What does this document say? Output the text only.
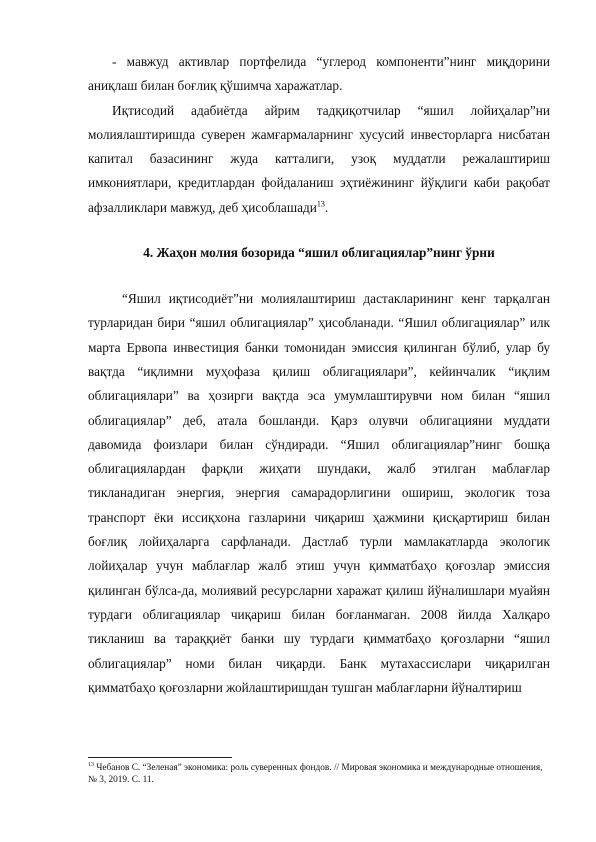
- мавжуд активлар портфелида “углерод компоненти”нинг миқдорини аниқлаш билан боғлиқ қўшимча харажатлар.

Иқтисодий адабиётда айрим тадқиқотчилар “яшил лойиҳалар”ни молиялаштиришда суверен жамғармаларнинг хусусий инвесторларга нисбатан капитал базасининг жуда катталиги, узоқ муддатли режалаштириш имкониятлари, кредитлардан фойдаланиш эҳтиёжининг йўқлиги каби рақобат афзалликлари мавжуд, деб ҳисоблашади$^{13}$.

4. Жаҳон молия бозорида “яшил облигациялар”нинг ўрни

“Яшил иқтисодиёт”ни молиялаштириш дастакларининг кенг тарқалган турларидан бири “яшил облигациялар” ҳисобланади. “Яшил облигациялар” илк марта Ервопа инвестиция банки томонидан эмиссия қилинган бўлиб, улар бу вақтда “иқлимни муҳофаза қилиш облигациялари”, кейинчалик “иқлим облигациялари” ва ҳозирги вақтда эса умумлаштирувчи ном билан “яшил облигациялар” деб, атала бошланди. Қарз олувчи облигацияни муддати давомида фоизлари билан сўндиради. “Яшил облигациялар”нинг бошқа облигациялардан фарқли жиҳати шундаки, жалб этилган маблағлар тикланадиган энергия, энергия самарадорлигини ошириш, экологик тоза транспорт ёки иссиқхона газларини чиқариш ҳажмини қисқартириш билан боғлиқ лойиҳаларга сарфланади. Дастлаб турли мамлакатларда экологик лойиҳалар учун маблағлар жалб этиш учун қимматбаҳо қоғозлар эмиссия қилинган бўлса-да, молиявий ресурсларни харажат қилиш йўналишлари муайян турдаги облигациялар чиқариш билан боғланмаган. 2008 йилда Халқаро тикланиш ва тараққиёт банки шу турдаги қимматбаҳо қоғозларни “яшил облигациялар” номи билан чиқарди. Банк мутахассислари чиқарилган қимматбаҳо қоғозларни жойлаштиришдан тушган маблағларни йўналтириш

$^{13}$ Чебанов С. “Зеленая” экономика: роль суверенных фондов. // Мировая экономика и международные отношения, № 3, 2019. С. 11.
